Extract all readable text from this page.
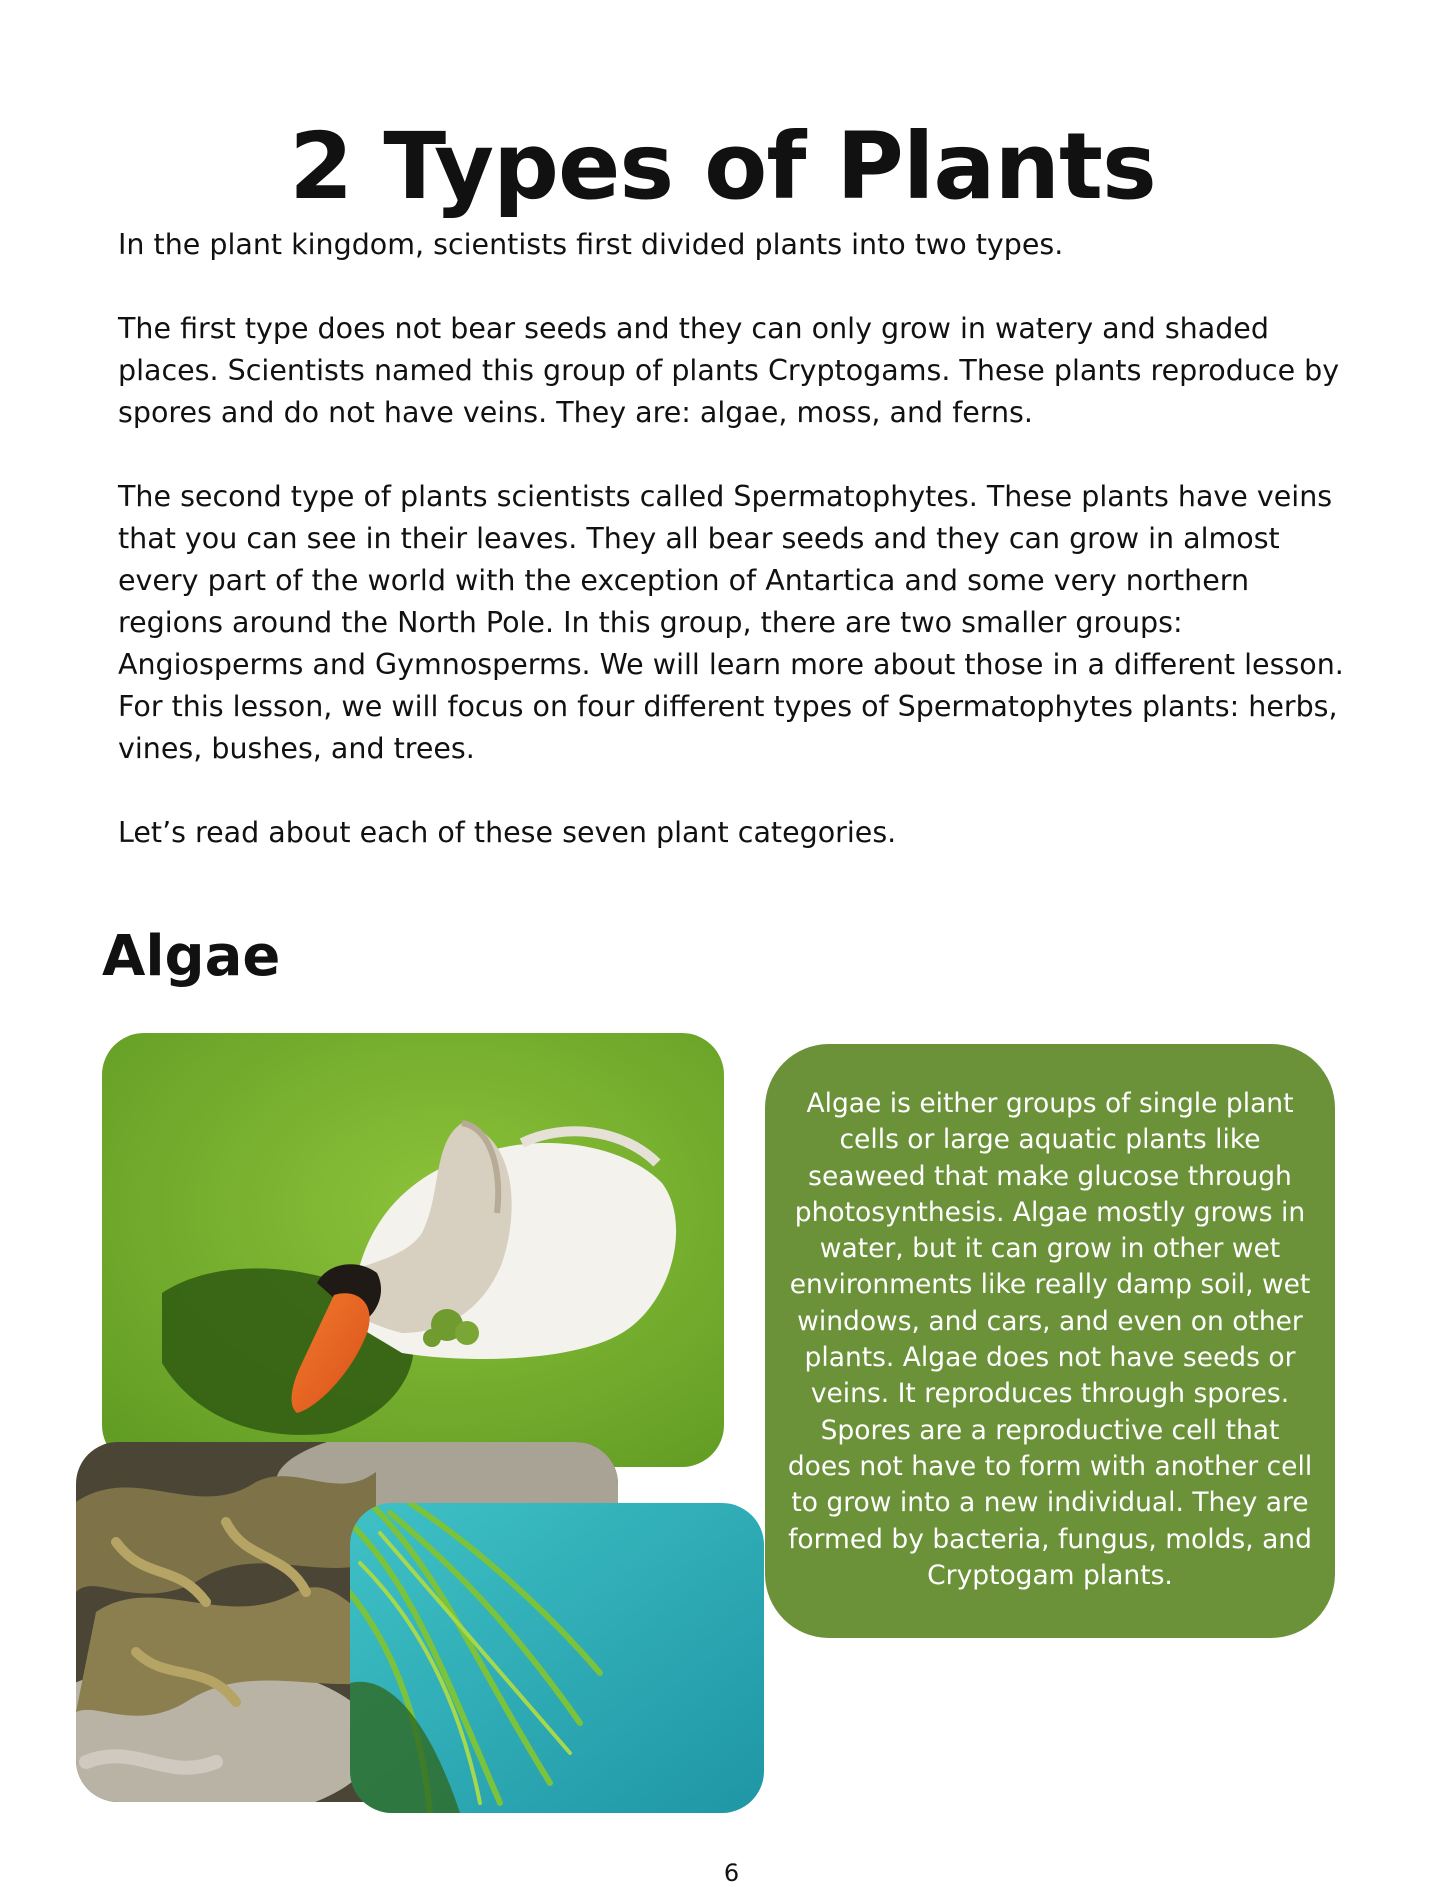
2 Types of Plants

In the plant kingdom, scientists first divided plants into two types.

The first type does not bear seeds and they can only grow in watery and shaded places. Scientists named this group of plants Cryptogams. These plants reproduce by spores and do not have veins. They are: algae, moss, and ferns.

The second type of plants scientists called Spermatophytes. These plants have veins that you can see in their leaves. They all bear seeds and they can grow in almost every part of the world with the exception of Antartica and some very northern regions around the North Pole. In this group, there are two smaller groups: Angiosperms and Gymnosperms. We will learn more about those in a different lesson. For this lesson, we will focus on four different types of Spermatophytes plants: herbs, vines, bushes, and trees.

Let’s read about each of these seven plant categories.

Algae
Algae is either groups of single plant cells or large aquatic plants like seaweed that make glucose through photosynthesis. Algae mostly grows in water, but it can grow in other wet environments like really damp soil, wet windows, and cars, and even on other plants. Algae does not have seeds or veins. It reproduces through spores. Spores are a reproductive cell that does not have to form with another cell to grow into a new individual. They are formed by bacteria, fungus, molds, and Cryptogam plants.
6
